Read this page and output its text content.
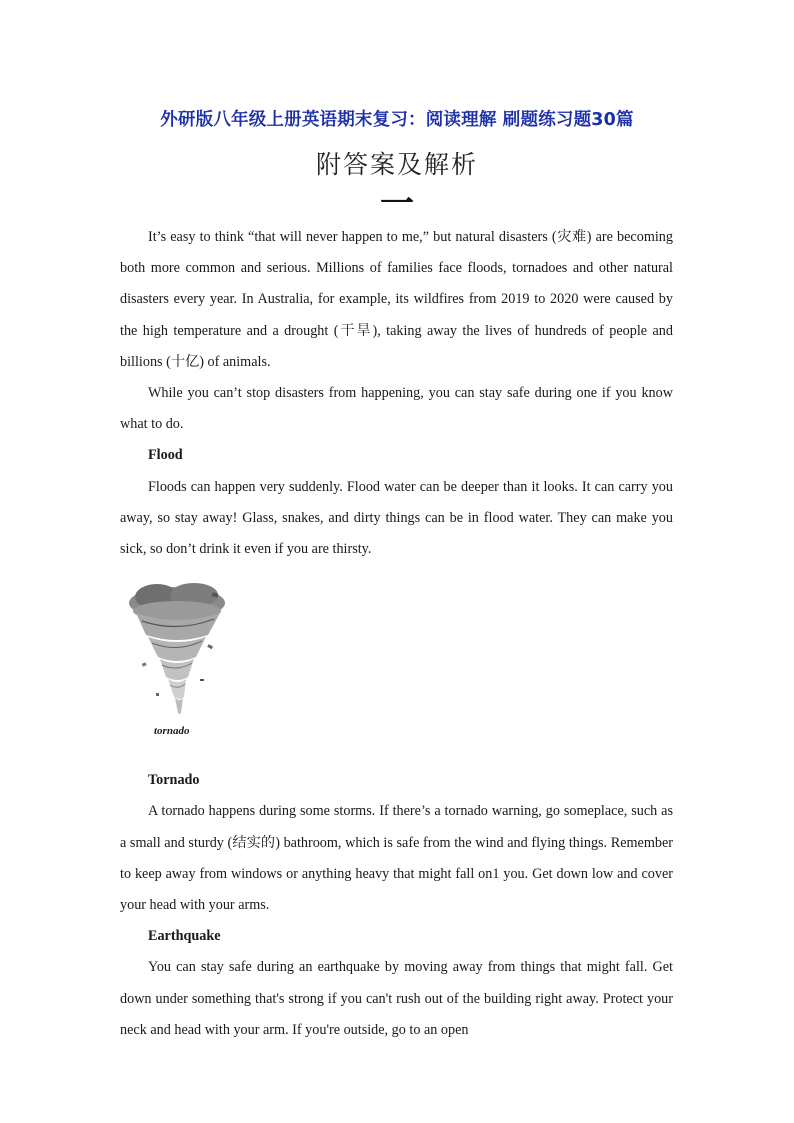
外研版八年级上册英语期末复习：阅读理解 刷题练习题30篇
附答案及解析
一

It’s easy to think “that will never happen to me,” but natural disasters (灾难) are becoming both more common and serious. Millions of families face floods, tornadoes and other natural disasters every year. In Australia, for example, its wildfires from 2019 to 2020 were caused by the high temperature and a drought (干旱), taking away the lives of hundreds of people and billions (十亿) of animals.

While you can’t stop disasters from happening, you can stay safe during one if you know what to do.

Flood

Floods can happen very suddenly. Flood water can be deeper than it looks. It can carry you away, so stay away! Glass, snakes, and dirty things can be in flood water. They can make you sick, so don’t drink it even if you are thirsty.

tornado

Tornado

A tornado happens during some storms. If there’s a tornado warning, go someplace, such as a small and sturdy (结实的) bathroom, which is safe from the wind and flying things. Remember to keep away from windows or anything heavy that might fall on1 you. Get down low and cover your head with your arms.

Earthquake

You can stay safe during an earthquake by moving away from things that might fall. Get down under something that's strong if you can't rush out of the building right away. Protect your neck and head with your arm. If you're outside, go to an open
